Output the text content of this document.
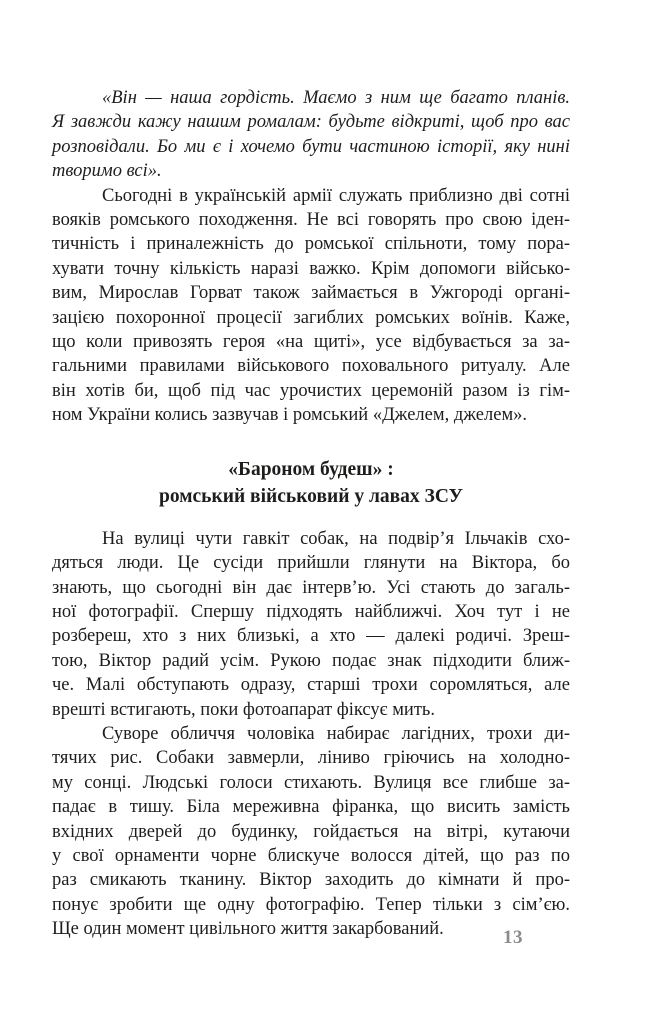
«Він — наша гордість. Маємо з ним ще багато планів.
Я завжди кажу нашим ромалам: будьте відкриті, щоб про вас
розповідали. Бо ми є і хочемо бути частиною історії, яку нині
творимо всі».
Сьогодні в українській армії служать приблизно дві сотні
вояків ромського походження. Не всі говорять про свою іден-
тичність і приналежність до ромської спільноти, тому пора-
хувати точну кількість наразі важко. Крім допомоги військо-
вим, Мирослав Горват також займається в Ужгороді органі-
зацією похоронної процесії загиблих ромських воїнів. Каже,
що коли привозять героя «на щиті», усе відбувається за за-
гальними правилами військового поховального ритуалу. Але
він хотів би, щоб під час урочистих церемоній разом із гім-
ном України колись зазвучав і ромський «Джелем, джелем».
«Бароном будеш» :
ромський військовий у лавах ЗСУ
На вулиці чути гавкіт собак, на подвір’я Ільчаків схо-
дяться люди. Це сусіди прийшли глянути на Віктора, бо
знають, що сьогодні він дає інтерв’ю. Усі стають до загаль-
ної фотографії. Спершу підходять найближчі. Хоч тут і не
розбереш, хто з них близькі, а хто — далекі родичі. Зреш-
тою, Віктор радий усім. Рукою подає знак підходити ближ-
че. Малі обступають одразу, старші трохи соромляться, але
врешті встигають, поки фотоапарат фіксує мить.
Суворе обличчя чоловіка набирає лагідних, трохи ди-
тячих рис. Собаки завмерли, ліниво гріючись на холодно-
му сонці. Людські голоси стихають. Вулиця все глибше за-
падає в тишу. Біла мереживна фіранка, що висить замість
вхідних дверей до будинку, гойдається на вітрі, кутаючи
у свої орнаменти чорне блискуче волосся дітей, що раз по
раз смикають тканину. Віктор заходить до кімнати й про-
понує зробити ще одну фотографію. Тепер тільки з сім’єю.
Ще один момент цивільного життя закарбований.	13
